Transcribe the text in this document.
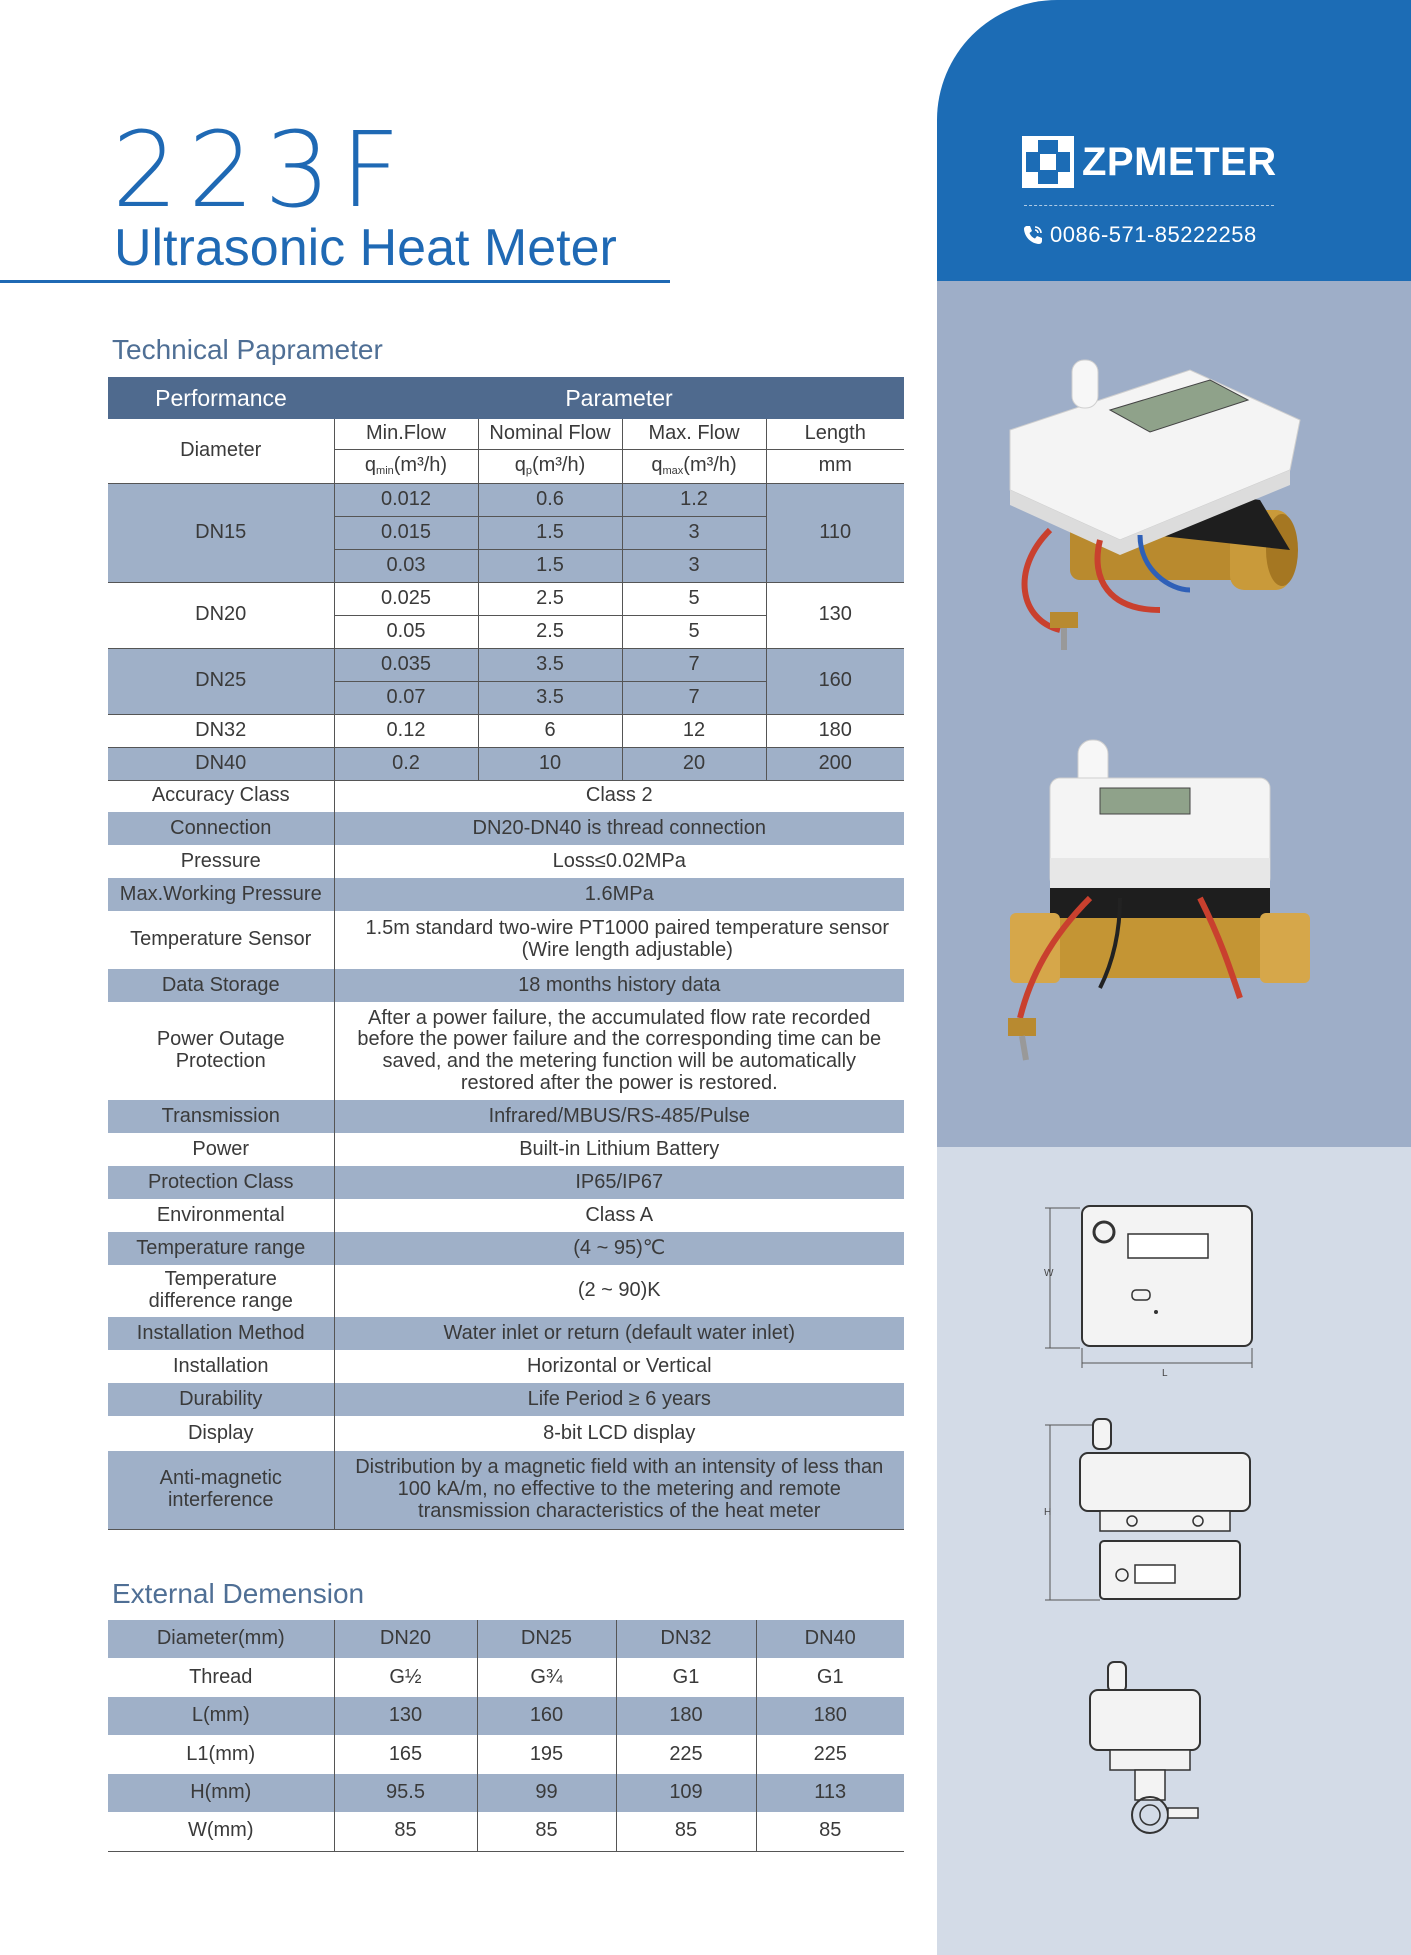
ZPMETER
0086-571-85222258
223F
Ultrasonic Heat Meter
Technical Paprameter
Performance	Parameter			
Diameter	Min.Flow	Nominal Flow	Max. Flow	Length
	$q_{min}(m^3/h)$	$q_p(m^3/h)$	$q_{max}(m^3/h)$	mm
DN15	0.012	0.6	1.2	110
	0.015	1.5	3	
	0.03	1.5	3	
DN20	0.025	2.5	5	130
	0.05	2.5	5	
DN25	0.035	3.5	7	160
	0.07	3.5	7	
DN32	0.12	6	12	180
DN40	0.2	10	20	200
Accuracy Class	Class 2			
Connection	DN20-DN40 is thread connection			
Pressure	Loss≤0.02MPa			
Max.Working Pressure	1.6MPa			
Temperature Sensor	1.5m standard two-wire PT1000 paired temperature sensor (Wire length adjustable)			
Data Storage	18 months history data			
Power Outage Protection	After a power failure, the accumulated flow rate recorded before the power failure and the corresponding time can be saved, and the metering function will be automatically restored after the power is restored.			
Transmission	Infrared/MBUS/RS-485/Pulse			
Power	Built-in Lithium Battery			
Protection Class	IP65/IP67			
Environmental	Class A			
Temperature range	(4 ~ 95)℃			
Temperature difference range	(2 ~ 90)K			
Installation Method	Water inlet or return (default water inlet)			
Installation	Horizontal or Vertical			
Durability	Life Period ≥ 6 years			
Display	8-bit LCD display			
Anti-magnetic interference	Distribution by a magnetic field with an intensity of less than 100 kA/m, no effective to the metering and remote transmission characteristics of the heat meter			
External Demension
Diameter(mm)	DN20	DN25	DN32	DN40
Thread	G½	G¾	G1	G1
L(mm)	130	160	180	180
L1(mm)	165	195	225	225
H(mm)	95.5	99	109	113
W(mm)	85	85	85	85
W
L
H
